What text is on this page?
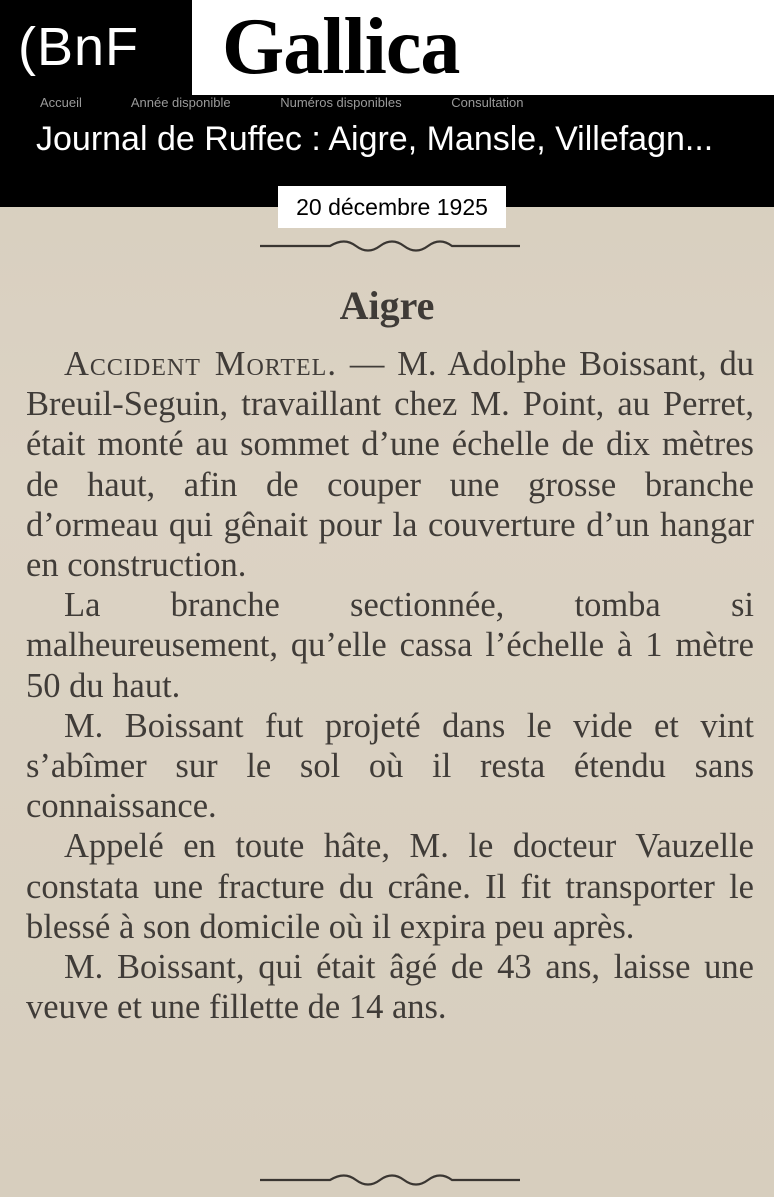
(BnF	Gallica
Accueil	Année disponible	Numéros disponibles	Consultation
Journal de Ruffec : Aigre, Mansle, Villefagn...
20 décembre 1925
Aigre

Accident Mortel. — M. Adolphe Boissant, du Breuil-Seguin, travaillant chez M. Point, au Perret, était monté au sommet d’une échelle de dix mètres de haut, afin de couper une grosse branche d’ormeau qui gênait pour la couverture d’un hangar en construction.

La branche sectionnée, tomba si malheureusement, qu’elle cassa l’échelle à 1 mètre 50 du haut.

M. Boissant fut projeté dans le vide et vint s’abîmer sur le sol où il resta étendu sans connaissance.

Appelé en toute hâte, M. le docteur Vauzelle constata une fracture du crâne. Il fit transporter le blessé à son domicile où il expira peu après.

M. Boissant, qui était âgé de 43 ans, laisse une veuve et une fillette de 14 ans.
